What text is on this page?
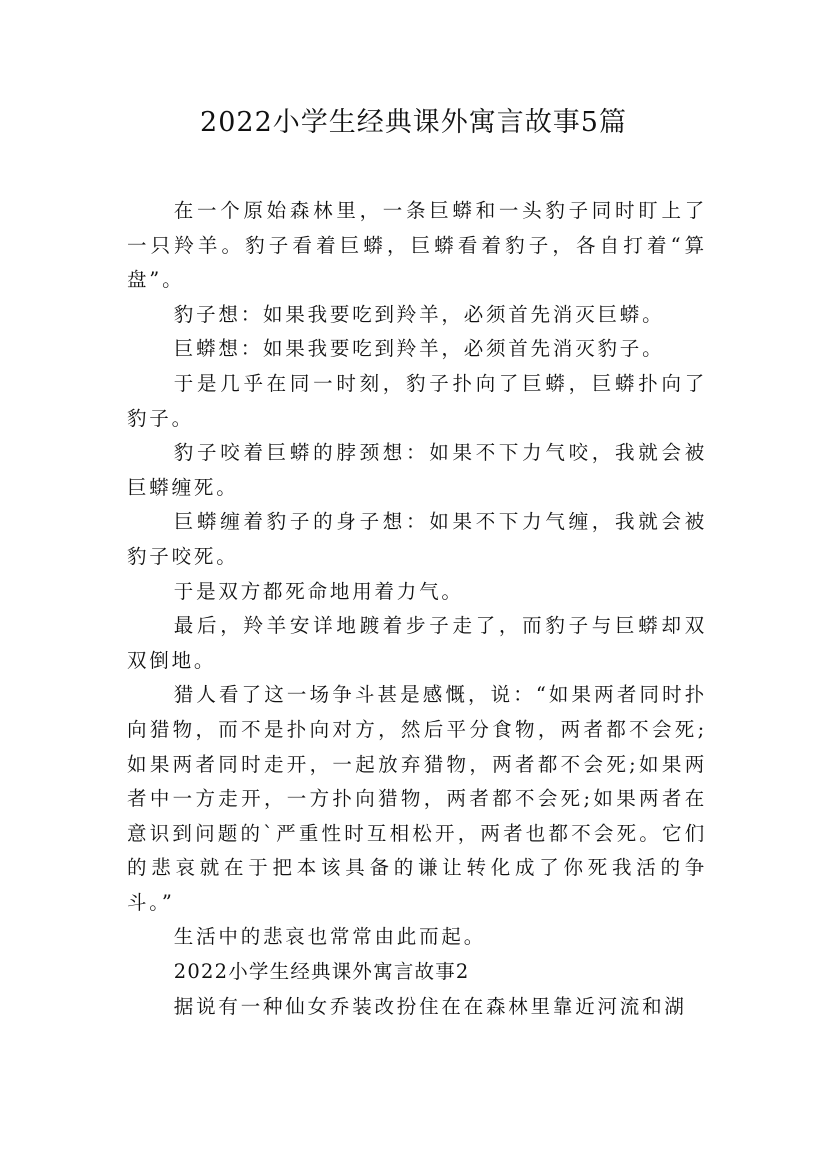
2022小学生经典课外寓言故事5篇

在一个原始森林里，一条巨蟒和一头豹子同时盯上了一只羚羊。豹子看着巨蟒，巨蟒看着豹子，各自打着“算盘”。

豹子想：如果我要吃到羚羊，必须首先消灭巨蟒。

巨蟒想：如果我要吃到羚羊，必须首先消灭豹子。

于是几乎在同一时刻，豹子扑向了巨蟒，巨蟒扑向了豹子。

豹子咬着巨蟒的脖颈想：如果不下力气咬，我就会被巨蟒缠死。

巨蟒缠着豹子的身子想：如果不下力气缠，我就会被豹子咬死。

于是双方都死命地用着力气。

最后，羚羊安详地踱着步子走了，而豹子与巨蟒却双双倒地。

猎人看了这一场争斗甚是感慨，说：“如果两者同时扑向猎物，而不是扑向对方，然后平分食物，两者都不会死;如果两者同时走开，一起放弃猎物，两者都不会死;如果两者中一方走开，一方扑向猎物，两者都不会死;如果两者在意识到问题的`严重性时互相松开，两者也都不会死。它们的悲哀就在于把本该具备的谦让转化成了你死我活的争斗。”

生活中的悲哀也常常由此而起。

2022小学生经典课外寓言故事2

据说有一种仙女乔装改扮住在在森林里靠近河流和湖
